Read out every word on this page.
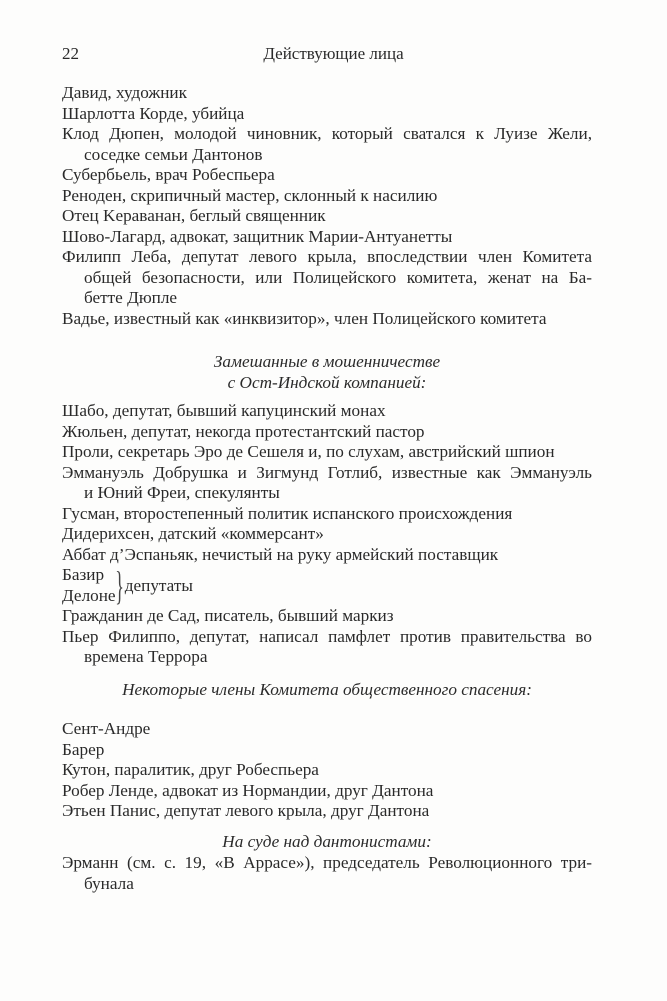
22	Действующие лица
Давид, художник
Шарлотта Корде, убийца
Клод Дюпен, молодой чиновник, который сватался к Луизе Жели,
соседке семьи Дантонов
Субербьель, врач Робеспьера
Реноден, скрипичный мастер, склонный к насилию
Отец Keраванан, беглый священник
Шово-Лагард, адвокат, защитник Марии-Антуанетты
Филипп Леба, депутат левого крыла, впоследствии член Комитета
общей безопасности, или Полицейского комитета, женат на Ба-
бетте Дюпле
Вадье, известный как «инквизитор», член Полицейского комитета
Замешанные в мошенничестве
с Ост-Индской компанией:
Шабо, депутат, бывший капуцинский монах
Жюльен, депутат, некогда протестантский пастор
Проли, секретарь Эро де Сешеля и, по слухам, австрийский шпион
Эммануэль Добрушка и Зигмунд Готлиб, известные как Эммануэль
и Юний Фреи, спекулянты
Гусман, второстепенный политик испанского происхождения
Дидерихсен, датский «коммерсант»
Аббат д’Эспаньяк, нечистый на руку армейский поставщик
Базир
Делоне } депутаты
Гражданин де Сад, писатель, бывший маркиз
Пьер Филиппо, депутат, написал памфлет против правительства во
времена Террора
Некоторые члены Комитета общественного спасения:
Сент-Андре
Барер
Кутон, паралитик, друг Робеспьера
Робер Ленде, адвокат из Нормандии, друг Дантона
Этьен Панис, депутат левого крыла, друг Дантона
На суде над дантонистами:
Эрманн (см. с. 19, «В Аррасе»), председатель Революционного три-
бунала
